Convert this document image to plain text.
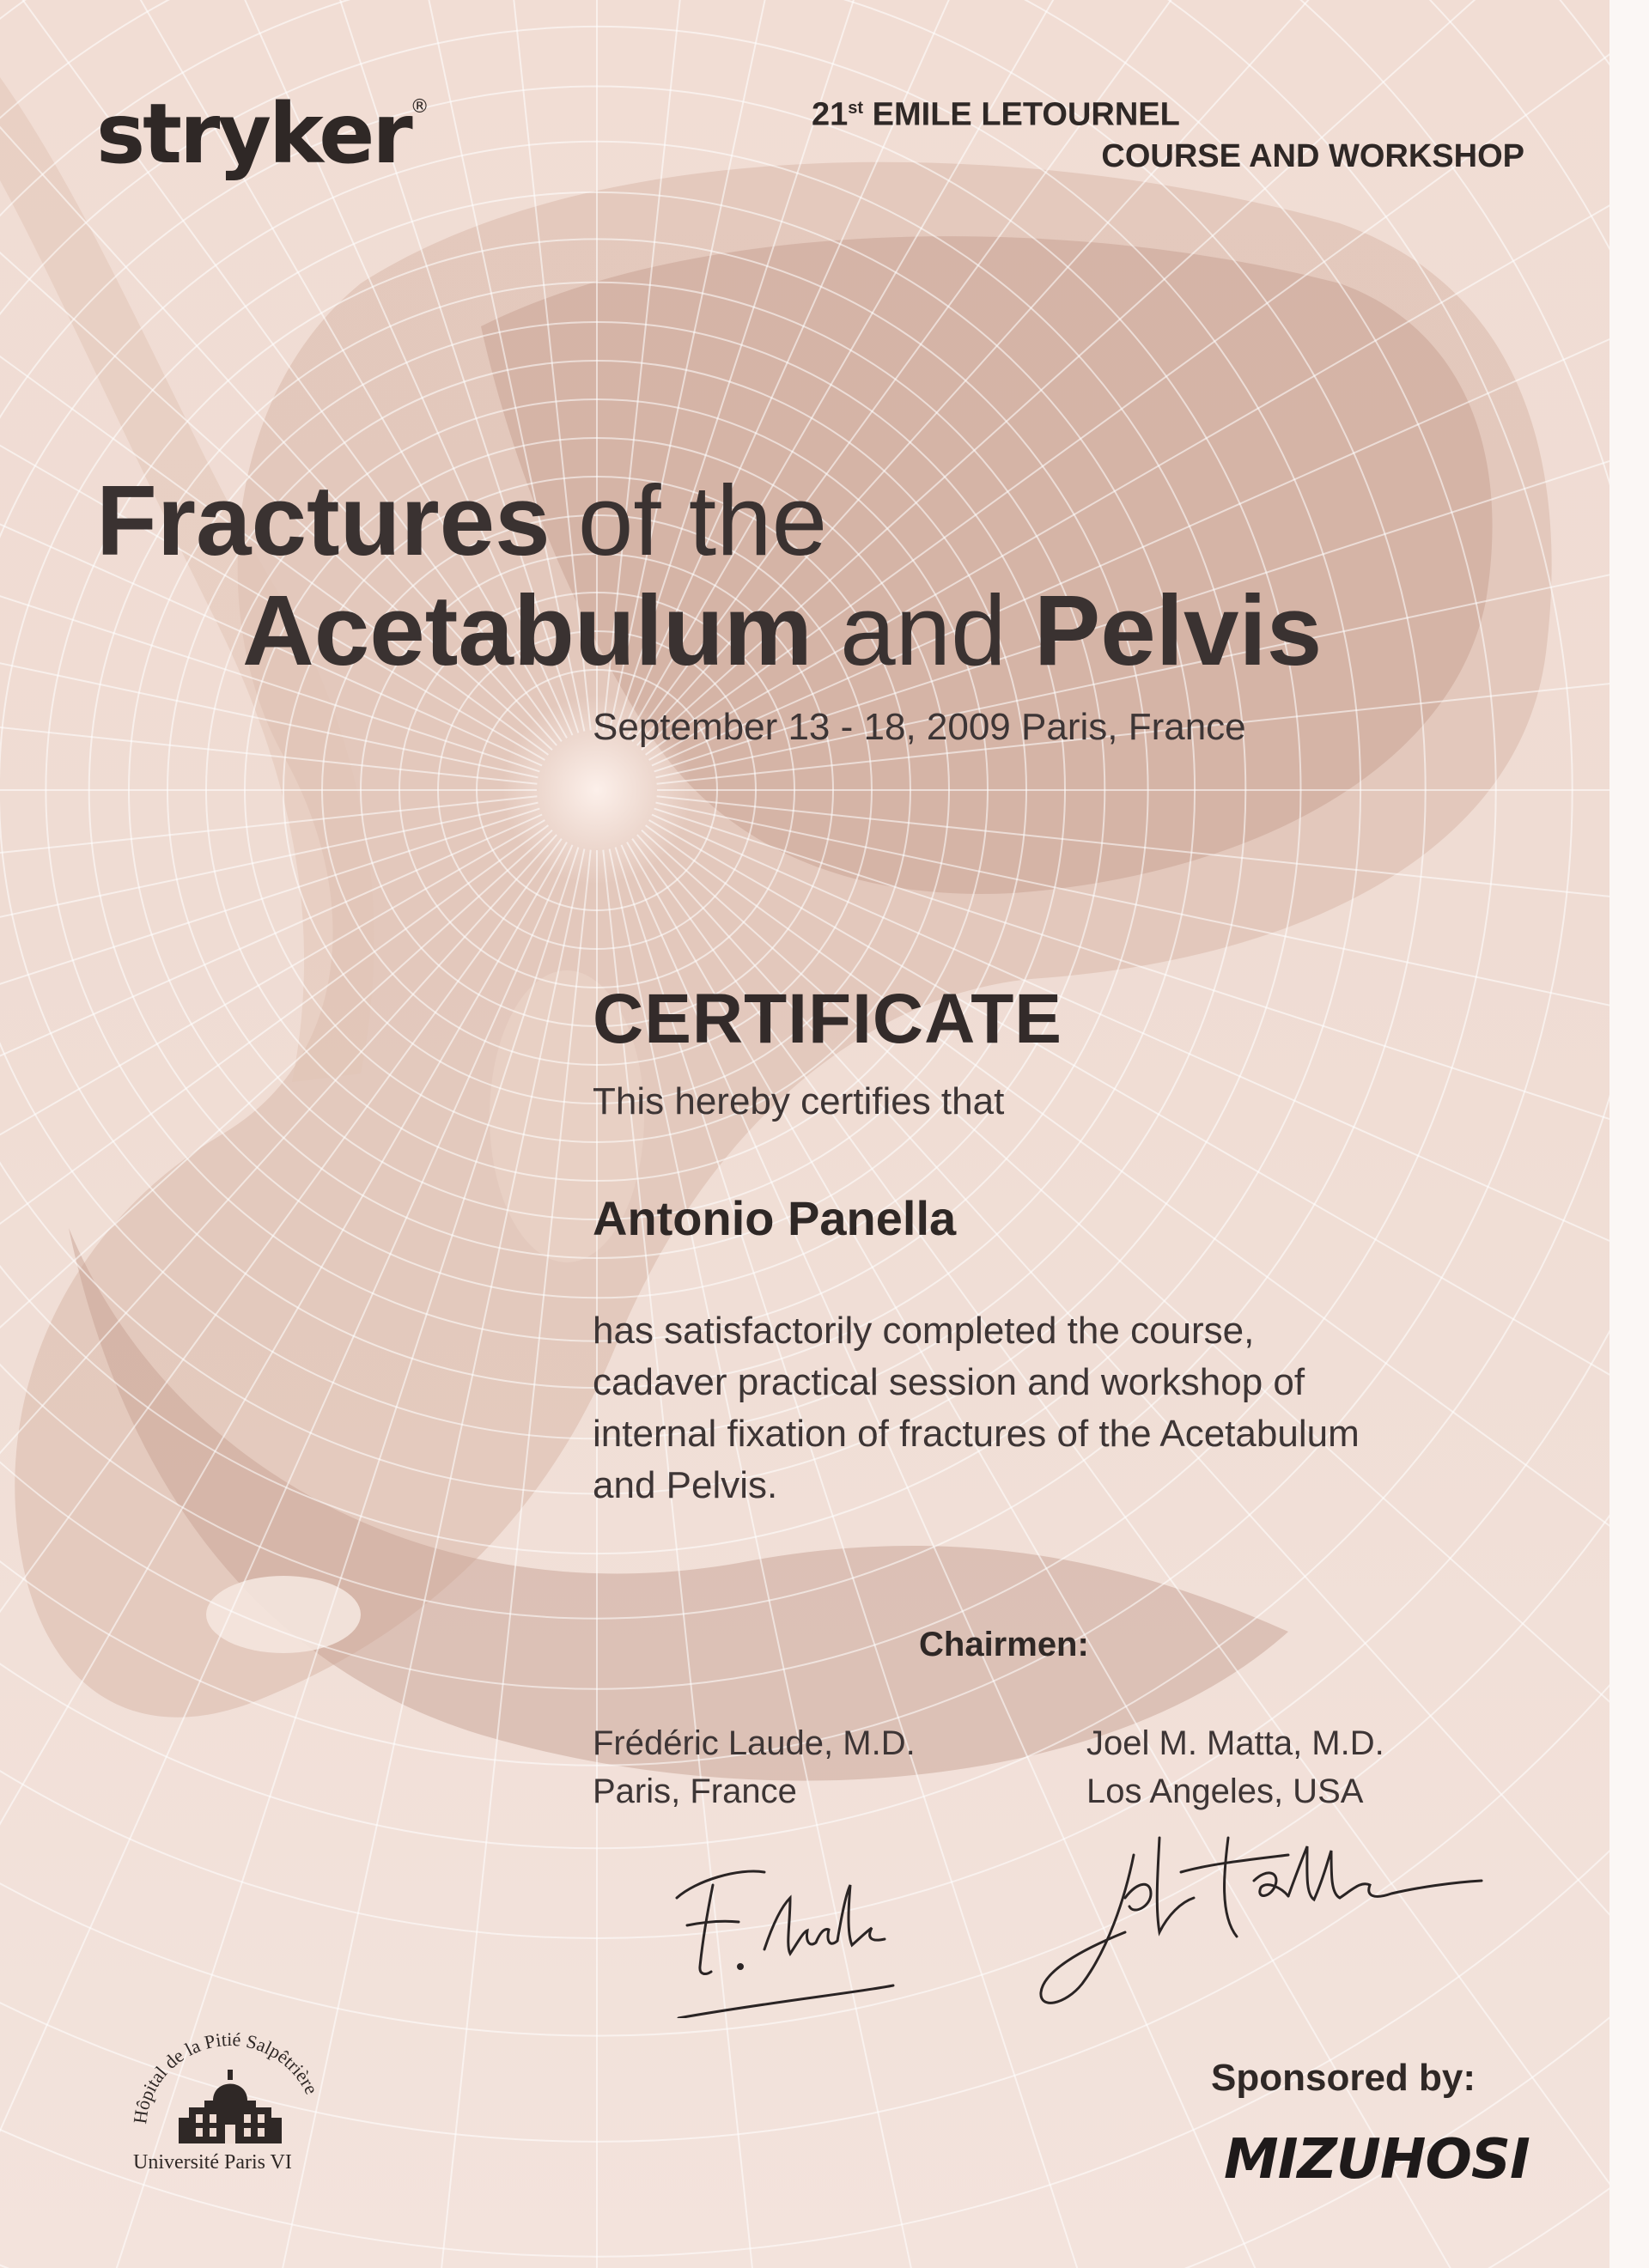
stryker®	21st EMILE LETOURNEL
COURSE AND WORKSHOP
Fractures of the
Acetabulum and Pelvis
September 13 - 18, 2009 Paris, France
CERTIFICATE
This hereby certifies that
Antonio Panella
has satisfactorily completed the course,
cadaver practical session and workshop of
internal fixation of fractures of the Acetabulum
and Pelvis.
Chairmen:
Frédéric Laude, M.D.
Paris, France
Joel M. Matta, M.D.
Los Angeles, USA
Hôpital de la Pitié Salpêtrière
Université Paris VI
Sponsored by:
MIZUHOSI
